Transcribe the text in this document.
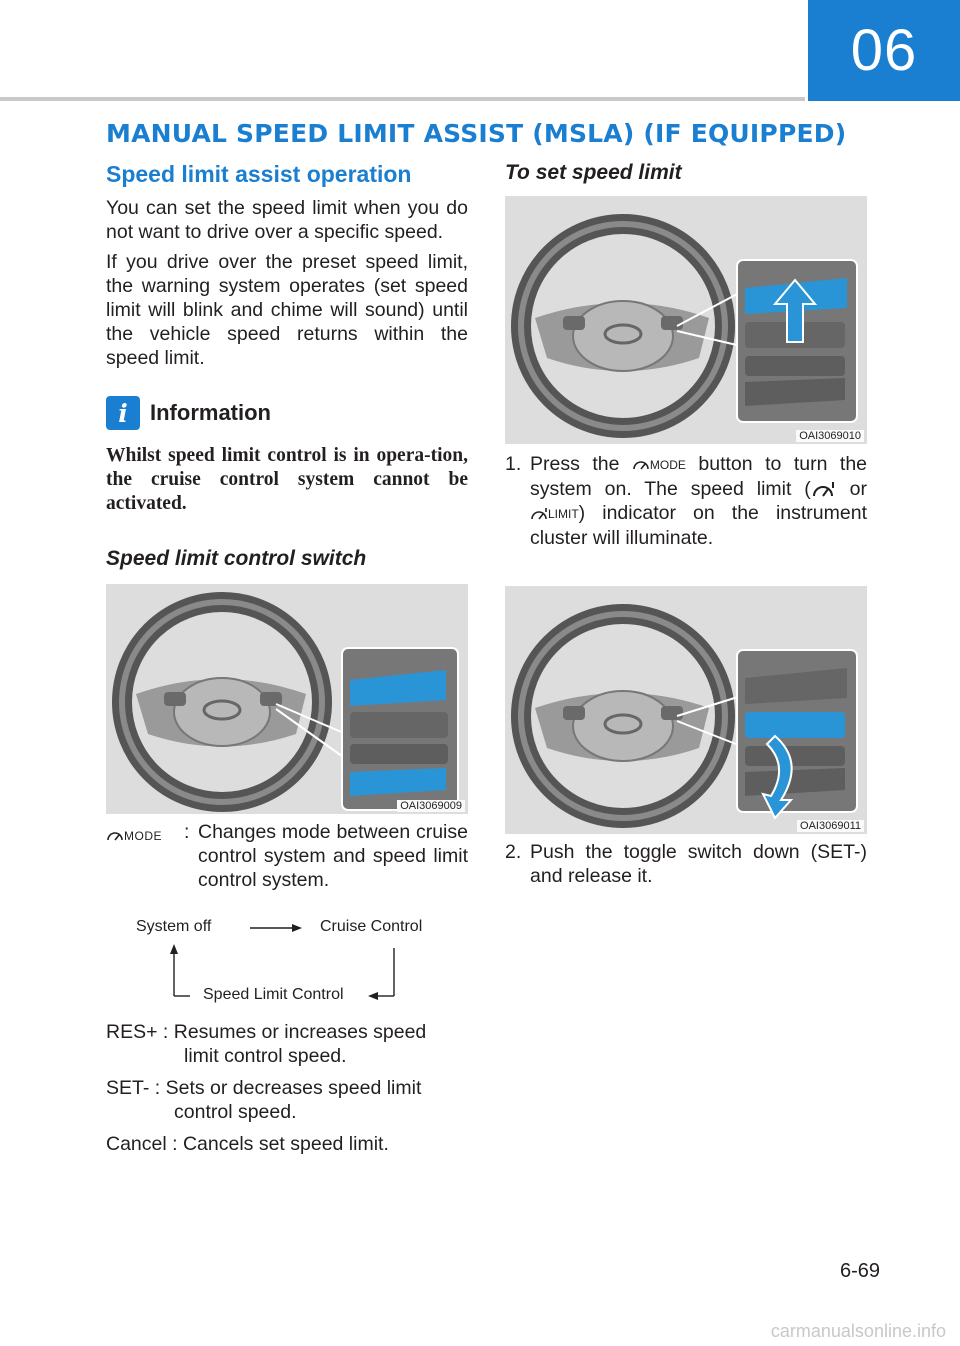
06
MANUAL SPEED LIMIT ASSIST (MSLA) (IF EQUIPPED)
Speed limit assist operation

You can set the speed limit when you do not want to drive over a specific speed.

If you drive over the preset speed limit, the warning system operates (set speed limit will blink and chime will sound) until the vehicle speed returns within the speed limit.

i	Information

Whilst speed limit control is in opera-tion, the cruise control system cannot be activated.

Speed limit control switch
OAI3069009
MODE : Changes mode between cruise control system and speed limit control system.
System off	Cruise Control
Speed Limit Control
RES+ : Resumes or increases speed
limit control speed.
SET- : Sets or decreases speed limit
control speed.
Cancel : Cancels set speed limit.
To set speed limit
OAI3069010
1. Press the	MODE button to turn the system on. The speed limit ( or
LIMIT ) indicator on the instrument cluster will illuminate.
OAI3069011
2. Push the toggle switch down (SET-) and release it.
6-69
carmanualsonline.info
